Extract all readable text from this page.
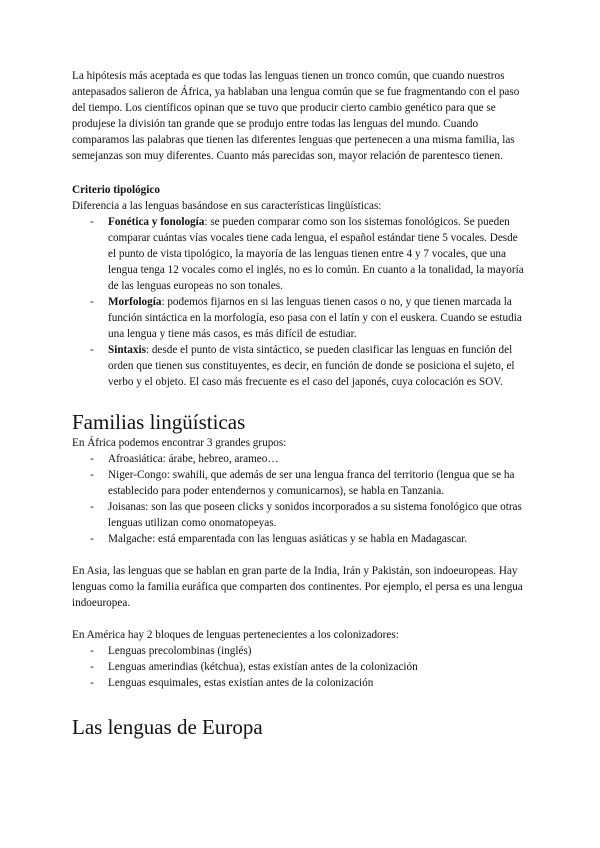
La hipótesis más aceptada es que todas las lenguas tienen un tronco común, que cuando nuestros antepasados salieron de África, ya hablaban una lengua común que se fue fragmentando con el paso del tiempo. Los científicos opinan que se tuvo que producir cierto cambio genético para que se produjese la división tan grande que se produjo entre todas las lenguas del mundo. Cuando comparamos las palabras que tienen las diferentes lenguas que pertenecen a una misma familia, las semejanzas son muy diferentes. Cuanto más parecidas son, mayor relación de parentesco tienen.

Criterio tipológico

Diferencia a las lenguas basándose en sus características lingüísticas:

- Fonética y fonología: se pueden comparar como son los sistemas fonológicos. Se pueden comparar cuántas vías vocales tiene cada lengua, el español estándar tiene 5 vocales. Desde el punto de vista tipológico, la mayoría de las lenguas tienen entre 4 y 7 vocales, que una lengua tenga 12 vocales como el inglés, no es lo común. En cuanto a la tonalidad, la mayoría de las lenguas europeas no son tonales.
- Morfología: podemos fijarnos en si las lenguas tienen casos o no, y que tienen marcada la función sintáctica en la morfología, eso pasa con el latín y con el euskera. Cuando se estudia una lengua y tiene más casos, es más difícil de estudiar.
- Sintaxis: desde el punto de vista sintáctico, se pueden clasificar las lenguas en función del orden que tienen sus constituyentes, es decir, en función de donde se posiciona el sujeto, el verbo y el objeto. El caso más frecuente es el caso del japonés, cuya colocación es SOV.
Familias lingüísticas

En África podemos encontrar 3 grandes grupos:

- Afroasiática: árabe, hebreo, arameo…
- Niger-Congo: swahili, que además de ser una lengua franca del territorio (lengua que se ha establecido para poder entendernos y comunicarnos), se habla en Tanzania.
- Joisanas: son las que poseen clicks y sonidos incorporados a su sistema fonológico que otras lenguas utilizan como onomatopeyas.
- Malgache: está emparentada con las lenguas asiáticas y se habla en Madagascar.

En Asia, las lenguas que se hablan en gran parte de la India, Irán y Pakistán, son indoeuropeas. Hay lenguas como la familia euráfica que comparten dos continentes. Por ejemplo, el persa es una lengua indoeuropea.

En América hay 2 bloques de lenguas pertenecientes a los colonizadores:

- Lenguas precolombinas (inglés)
- Lenguas amerindias (kétchua), estas existían antes de la colonización
- Lenguas esquimales, estas existían antes de la colonización
Las lenguas de Europa
